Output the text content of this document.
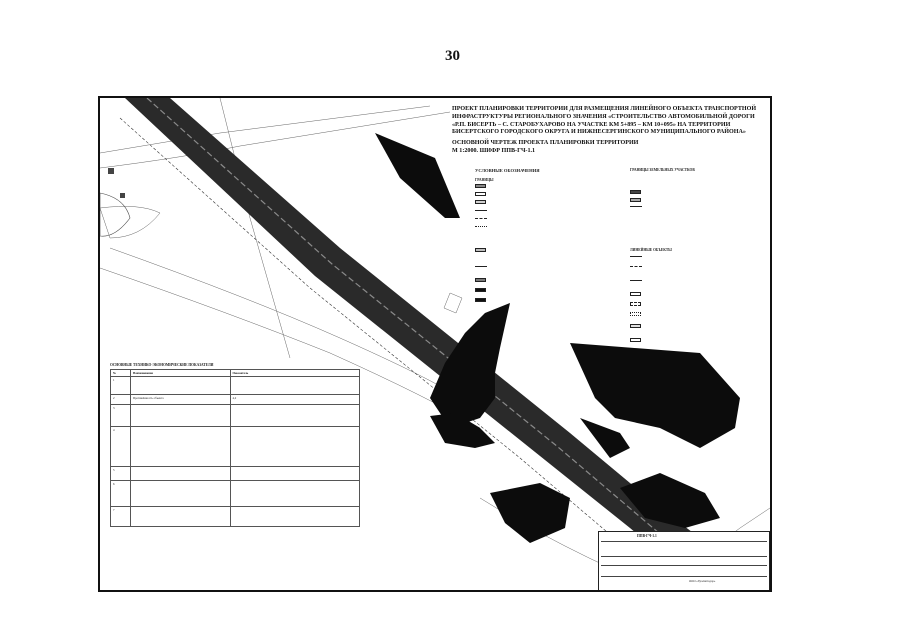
30
ПРОЕКТ ПЛАНИРОВКИ ТЕРРИТОРИИ ДЛЯ РАЗМЕЩЕНИЯ ЛИНЕЙНОГО ОБЪЕКТА ТРАНСПОРТНОЙ ИНФРАСТРУКТУРЫ РЕГИОНАЛЬНОГО ЗНАЧЕНИЯ «СТРОИТЕЛЬСТВО АВТОМОБИЛЬНОЙ ДОРОГИ «Р.П. БИСЕРТЬ – С. СТАРОБУХАРОВО НА УЧАСТКЕ КМ 5+895 – КМ 10+095» НА ТЕРРИТОРИИ БИСЕРТСКОГО ГОРОДСКОГО ОКРУГА И НИЖНЕСЕРГИНСКОГО МУНИЦИПАЛЬНОГО РАЙОНА»
ОСНОВНОЙ ЧЕРТЕЖ ПРОЕКТА ПЛАНИРОВКИ ТЕРРИТОРИИ
М 1:2000. ШИФР ППВ-ГЧ-1.1
УСЛОВНЫЕ ОБОЗНАЧЕНИЯ
ГРАНИЦЫ
ГРАНИЦЫ ЗЕМЕЛЬНЫХ УЧАСТКОВ
ЛИНЕЙНЫЕ ОБЪЕКТЫ
ОСНОВНЫЕ ТЕХНИКО-ЭКОНОМИЧЕСКИЕ ПОКАЗАТЕЛИ
№	Наименование	Показатель
1		
2	Протяжённость объекта	4,2
3		
4		
5		
6		
7		
ППВ-ГЧ-1.1
ООО «Уралавтодор»
